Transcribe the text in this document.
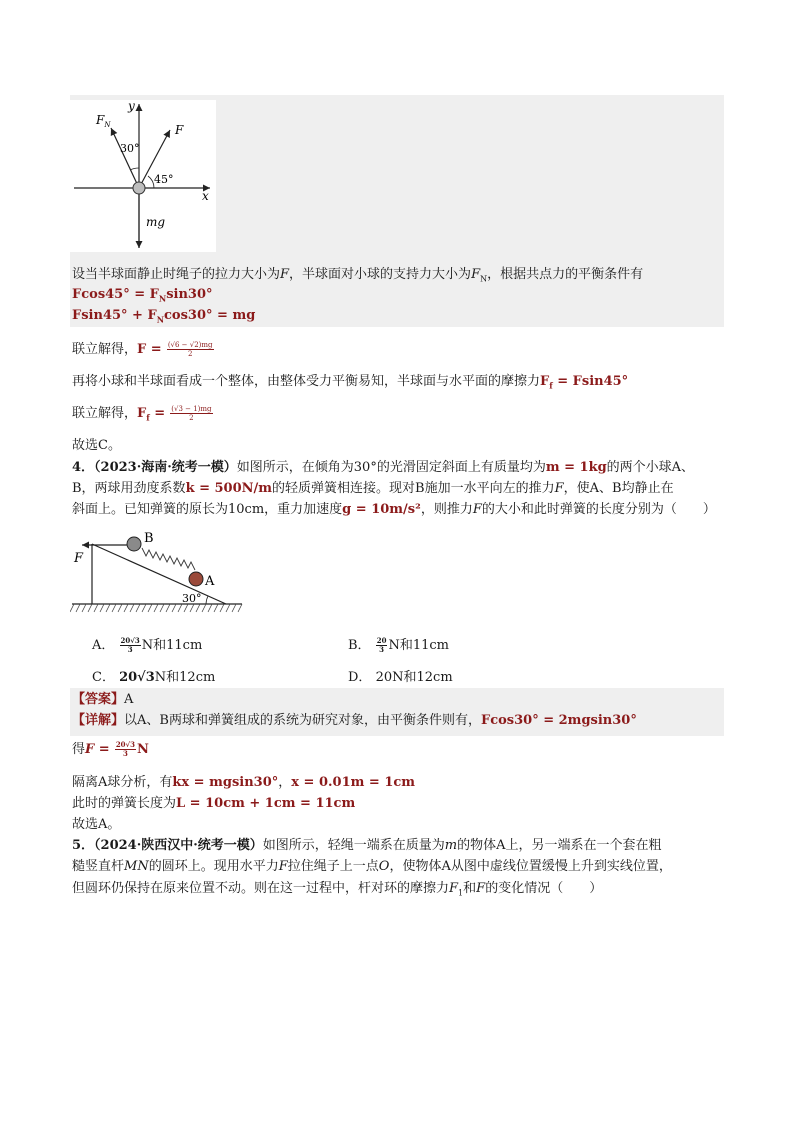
y
x
$F_N$	F
30°
45°
mg
设当半球面静止时绳子的拉力大小为F，半球面对小球的支持力大小为$F_N$，根据共点力的平衡条件有
$Fcos45^\circ = F_N\sin 30^\circ$
$Fsin45^\circ + F_N\cos 30^\circ$ = mg
联立解得，$F = \frac{(√6 - √2)mg}{2}$
再将小球和半球面看成一个整体，由整体受力平衡易知，半球面与水平面的摩擦力$F_f = Fsin45^\circ$
联立解得，$F_f = \frac{(√3 - 1)mg}{2}$
故选C。
4．（2023·海南·统考一模）如图所示，在倾角为30°的光滑固定斜面上有质量均为m = 1kg的两个小球A、
B，两球用劲度系数k = 500N/m的轻质弹簧相连接。现对B施加一水平向左的推力F，使A、B均静止在
斜面上。已知弹簧的原长为10cm，重力加速度g = 10m/s²，则推力F的大小和此时弹簧的长度分别为（　　）
F
B
A
30°
A． $\frac{20√3}{3}$ N和11cm	B． $\frac{20}{3}$ N和11cm
C． 20√3N和12cm	D． 20N和12cm
【答案】A
【详解】以A、B两球和弹簧组成的系统为研究对象，由平衡条件则有，Fcos30° = 2mgsin30°
得$F = \frac{20√3}{3}$ N
隔离A球分析，有kx = mgsin30°，x = 0.01m = 1cm
此时的弹簧长度为L = 10cm + 1cm = 11cm
故选A。
5．（2024·陕西汉中·统考一模）如图所示，轻绳一端系在质量为m的物体A上，另一端系在一个套在粗
糙竖直杆MN的圆环上。现用水平力F拉住绳子上一点O，使物体A从图中虚线位置缓慢上升到实线位置，
但圆环仍保持在原来位置不动。则在这一过程中，杆对环的摩擦力$F_1$和F的变化情况（　　）
